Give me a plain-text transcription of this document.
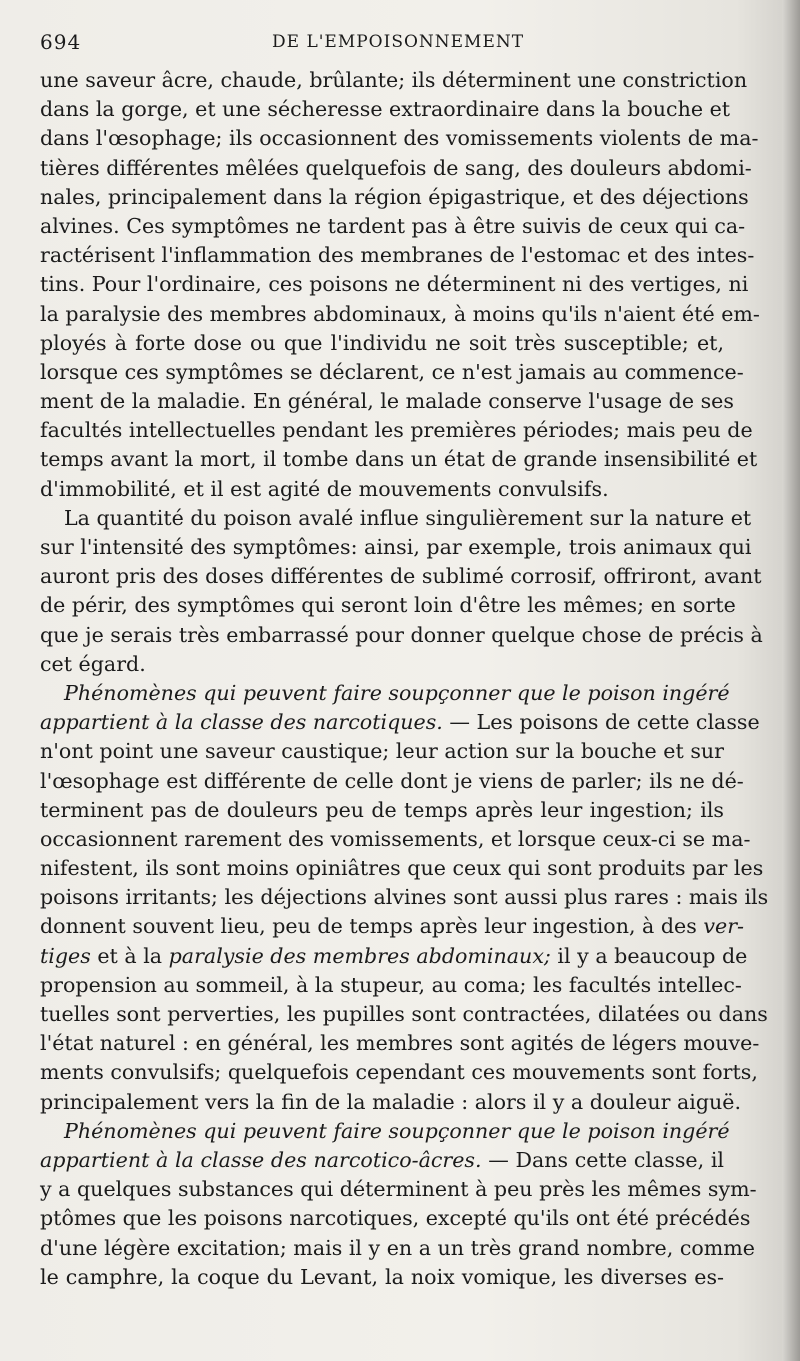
694	DE L'EMPOISONNEMENT
une saveur âcre, chaude, brûlante; ils déterminent une constriction
dans la gorge, et une sécheresse extraordinaire dans la bouche et
dans l'œsophage; ils occasionnent des vomissements violents de ma-
tières différentes mêlées quelquefois de sang, des douleurs abdomi-
nales, principalement dans la région épigastrique, et des déjections
alvines. Ces symptômes ne tardent pas à être suivis de ceux qui ca-
ractérisent l'inflammation des membranes de l'estomac et des intes-
tins. Pour l'ordinaire, ces poisons ne déterminent ni des vertiges, ni
la paralysie des membres abdominaux, à moins qu'ils n'aient été em-
ployés à forte dose ou que l'individu ne soit très susceptible; et,
lorsque ces symptômes se déclarent, ce n'est jamais au commence-
ment de la maladie. En général, le malade conserve l'usage de ses
facultés intellectuelles pendant les premières périodes; mais peu de
temps avant la mort, il tombe dans un état de grande insensibilité et
d'immobilité, et il est agité de mouvements convulsifs.
La quantité du poison avalé influe singulièrement sur la nature et
sur l'intensité des symptômes: ainsi, par exemple, trois animaux qui
auront pris des doses différentes de sublimé corrosif, offriront, avant
de périr, des symptômes qui seront loin d'être les mêmes; en sorte
que je serais très embarrassé pour donner quelque chose de précis à
cet égard.
Phénomènes qui peuvent faire soupçonner que le poison ingéré
appartient à la classe des narcotiques. — Les poisons de cette classe
n'ont point une saveur caustique; leur action sur la bouche et sur
l'œsophage est différente de celle dont je viens de parler; ils ne dé-
terminent pas de douleurs peu de temps après leur ingestion; ils
occasionnent rarement des vomissements, et lorsque ceux-ci se ma-
nifestent, ils sont moins opiniâtres que ceux qui sont produits par les
poisons irritants; les déjections alvines sont aussi plus rares : mais ils
donnent souvent lieu, peu de temps après leur ingestion, à des ver-
tiges et à la paralysie des membres abdominaux; il y a beaucoup de
propension au sommeil, à la stupeur, au coma; les facultés intellec-
tuelles sont perverties, les pupilles sont contractées, dilatées ou dans
l'état naturel : en général, les membres sont agités de légers mouve-
ments convulsifs; quelquefois cependant ces mouvements sont forts,
principalement vers la fin de la maladie : alors il y a douleur aiguë.
Phénomènes qui peuvent faire soupçonner que le poison ingéré
appartient à la classe des narcotico-âcres. — Dans cette classe, il
y a quelques substances qui déterminent à peu près les mêmes sym-
ptômes que les poisons narcotiques, excepté qu'ils ont été précédés
d'une légère excitation; mais il y en a un très grand nombre, comme
le camphre, la coque du Levant, la noix vomique, les diverses es-
